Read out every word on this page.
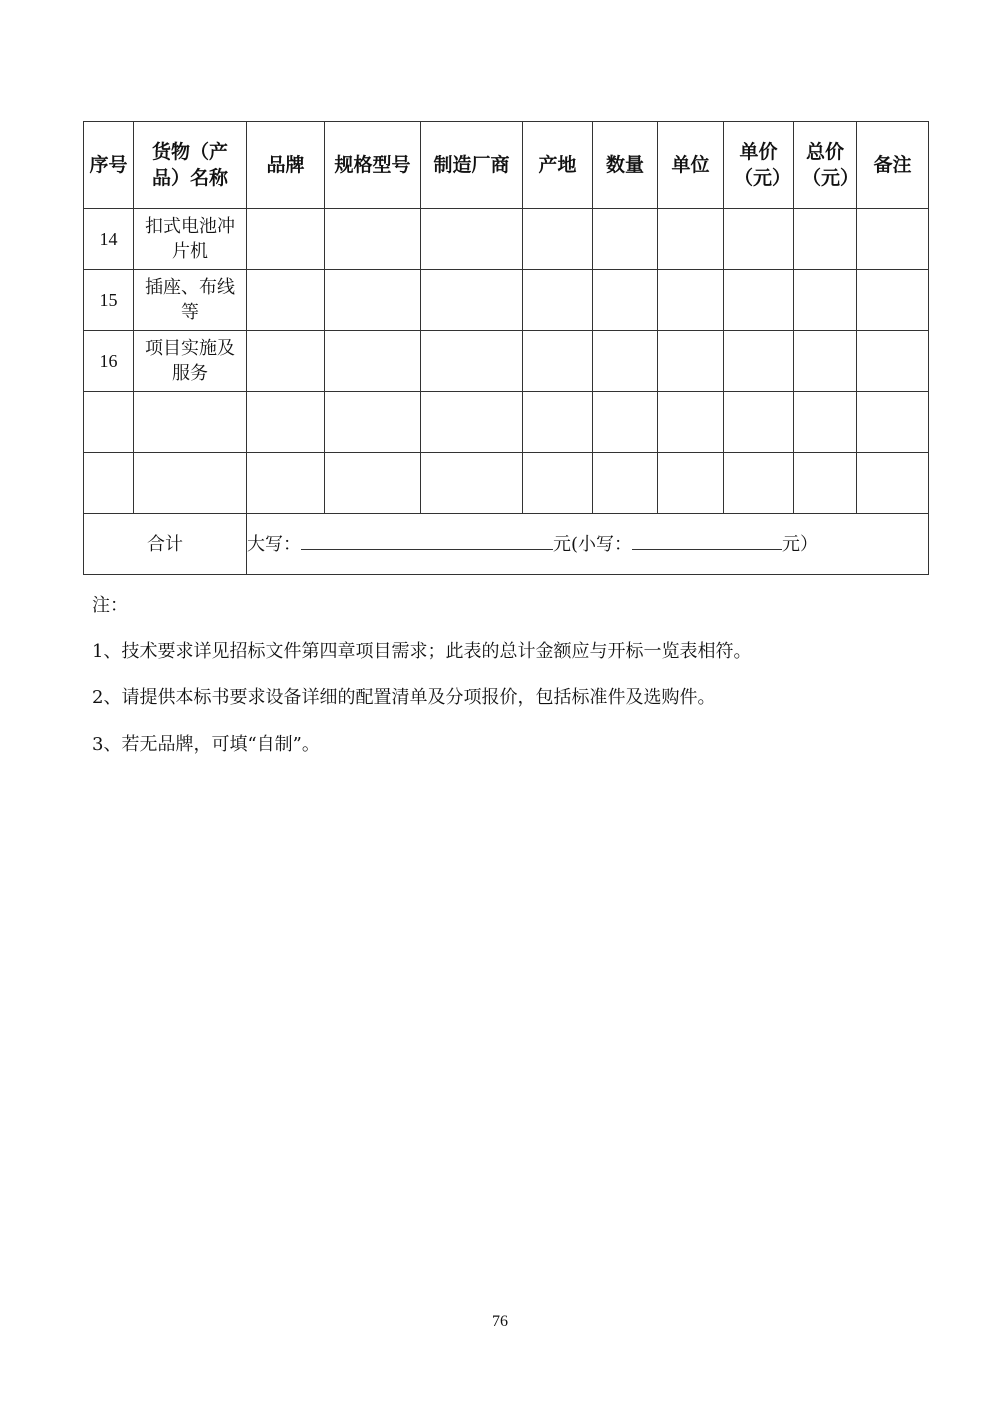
序号	货物（产品）名称	品牌	规格型号	制造厂商	产地	数量	单位	单价（元）	总价（元）	备注
14	扣式电池冲片机									
15	插座、布线等									
16	项目实施及服务									

合计		大写： 元(小写： 元）								

注：

1、技术要求详见招标文件第四章项目需求；此表的总计金额应与开标一览表相符。

2、请提供本标书要求设备详细的配置清单及分项报价，包括标准件及选购件。

3、若无品牌，可填“自制”。

76
